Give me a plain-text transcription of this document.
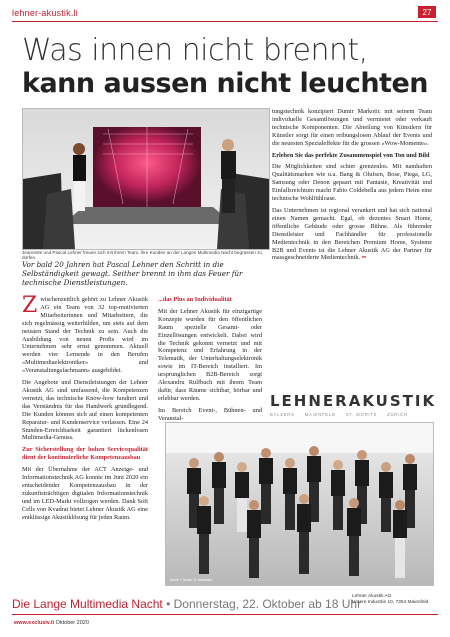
lehner-akustik.li	27
Was innen nicht brennt,
kann aussen nicht leuchten
Jeannette und Pascal Lehner freuen sich mit ihrem Team, ihre Kunden an der Langen Multimedia Nacht begrüssen zu dürfen.
Vor bald 20 Jahren hat Pascal Lehner den Schritt in die Selbständigkeit gewagt. Seither brennt in ihm das Feuer für technische Dienstleistungen.

Zwischenzeitlich gehört zu Lehner Akustik AG ein Team von 32 top-motivierten Mitarbeiterinnen und Mitarbeitern, die sich regelmässig weiterbilden, um stets auf dem neusten Stand der Technik zu sein. Auch die Ausbildung von neuen Profis wird im Unternehmen sehr ernst genommen. Aktuell werden vier Lernende in den Berufen «Multimediaelektroniker» und «Veranstaltungsfachmann» ausgebildet.

Die Angebote und Dienstleistungen der Lehner Akustik AG sind umfassend, die Kompetenzen vernetzt, das technische Know-how fundiert und das Verständnis für das Handwerk grundlegend. Die Kunden können sich auf einen kompetenten Reparatur- und Kundenservice verlassen. Eine 24 Stunden-Erreichbarkeit garantiert lückenlosen Multimedia-Genuss.

Zur Sicherstellung der hohen Servicequalität dient der kontinuierliche Kompetenzausbau

Mit der Übernahme der ACT Anzeige- und Informationstechnik AG konnte im Juni 2020 ein entscheidender Kompetenzausbau in der zukunftsträchtigen digitalen Informationstechnik und im LED-Markt vollzogen werden. Dank Soft Cells von Kvadrat bietet Lehner Akustik AG eine entklüssige Akustiklösung für jeden Raum.

...das Plus an Individualität

Mit der Lehner Akustik für einzigartige Konzepte wurden für den öffentlichen Raum spezielle Gesamt- oder Einzellösungen entwickelt. Dabei wird die Technik gekonnt vernetzt und mit Kompetenz und Erfahrung in der Telematik, der Unterhaltungselektronik sowie im IT-Bereich installiert. Im ursprunglichen B2B-Bereich sorgt Alexandru Rulfbuch mit ihrem Team dafür, dass Räume sichtbar, hörbar und erlebbar werden.

Im Bereich Event-, Bühnen- und Veranstal-

tungstechnik konzipiert Dumir Markotic mit seinem Team individuelle Gesamtlösungen und vermietet oder verkauft technische Komponenten. Die Abteilung von Künstlern für Künstler sorgt für einen reibungslosen Ablauf der Events und die neuesten Spezialeffekte für die grossen «Wow-Momente».

Erleben Sie das perfekte Zusammenspiel von Ton und Bild

Die Möglichkeiten sind schier grenzenlos. Mit namhaften Qualitätsmarken wie u.a. Bang & Olufsen, Bose, Piega, LG, Samsung oder Denon gepaart mit Fantasie, Kreativität und Einfallsreichtum macht Fabio Coldebella aus jedem Heim eine technische Wohlfühloase.

Das Unternehmen ist regional verankert und hat sich national einen Namen gemacht. Egal, ob dezentes Smart Home, öffentliche Gebäude oder grosse Bühne. Als führender Dienstleister und Fachhändler für professionelle Medientechnik in den Bereichen Premium Home, Systeme B2B und Events ist die Lehner Akustik AG der Partner für massgeschneiderte Medientechnik. ••

LEHNERAKUSTIK
BALZERS MAIENFELD ST. MORITZ ZÜRICH
fotos + texts: © exclusiv
Die Lange Multimedia Nacht • Donnerstag, 22. Oktober ab 18 Uhr
Lehner Akustik AG
Untere Industrie 10, 7304 Maienfeld
www.exclusiv.li Oktober 2020
